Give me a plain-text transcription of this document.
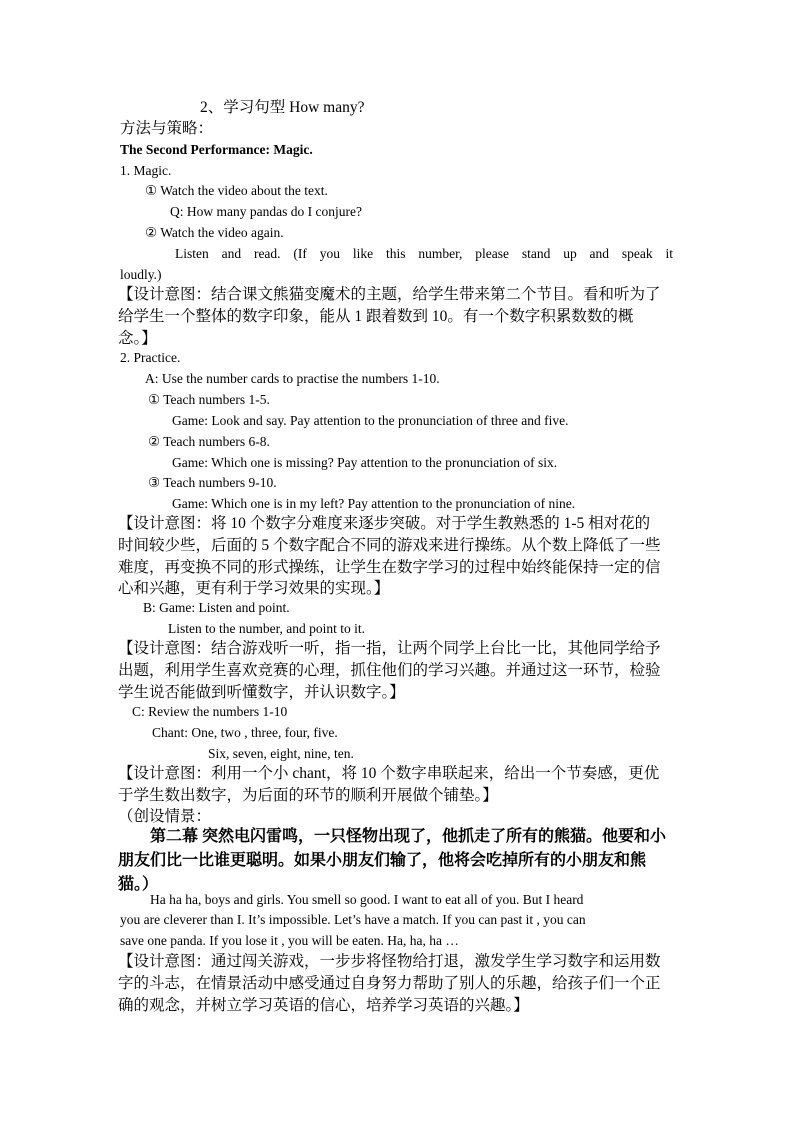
2、学习句型 How many?
方法与策略：
The Second Performance: Magic.
1. Magic.
① Watch the video about the text.
Q: How many pandas do I conjure?
② Watch the video again.
Listen and read. (If you like this number, please stand up and speak it
loudly.)
【设计意图：结合课文熊猫变魔术的主题，给学生带来第二个节目。看和听为了
给学生一个整体的数字印象，能从 1 跟着数到 10。有一个数字积累数数的概
念。】
2. Practice.
A: Use the number cards to practise the numbers 1-10.
① Teach numbers 1-5.
Game: Look and say. Pay attention to the pronunciation of three and five.
② Teach numbers 6-8.
Game: Which one is missing? Pay attention to the pronunciation of six.
③ Teach numbers 9-10.
Game: Which one is in my left? Pay attention to the pronunciation of nine.
【设计意图：将 10 个数字分难度来逐步突破。对于学生教熟悉的 1-5 相对花的
时间较少些，后面的 5 个数字配合不同的游戏来进行操练。从个数上降低了一些
难度，再变换不同的形式操练，让学生在数字学习的过程中始终能保持一定的信
心和兴趣，更有利于学习效果的实现。】
B: Game: Listen and point.
Listen to the number, and point to it.
【设计意图：结合游戏听一听，指一指，让两个同学上台比一比，其他同学给予
出题，利用学生喜欢竞赛的心理，抓住他们的学习兴趣。并通过这一环节，检验
学生说否能做到听懂数字，并认识数字。】
C: Review the numbers 1-10
Chant: One, two , three, four, five.
Six, seven, eight, nine, ten.
【设计意图：利用一个小 chant，将 10 个数字串联起来，给出一个节奏感，更优
于学生数出数字，为后面的环节的顺利开展做个铺垫。】
（创设情景：
第二幕 突然电闪雷鸣，一只怪物出现了，他抓走了所有的熊猫。他要和小
朋友们比一比谁更聪明。如果小朋友们输了，他将会吃掉所有的小朋友和熊
猫。）
Ha ha ha, boys and girls. You smell so good. I want to eat all of you. But I heard
you are cleverer than I. It’s impossible. Let’s have a match. If you can past it , you can
save one panda. If you lose it , you will be eaten. Ha, ha, ha …
【设计意图：通过闯关游戏，一步步将怪物给打退，激发学生学习数字和运用数
字的斗志，在情景活动中感受通过自身努力帮助了别人的乐趣，给孩子们一个正
确的观念，并树立学习英语的信心，培养学习英语的兴趣。】
